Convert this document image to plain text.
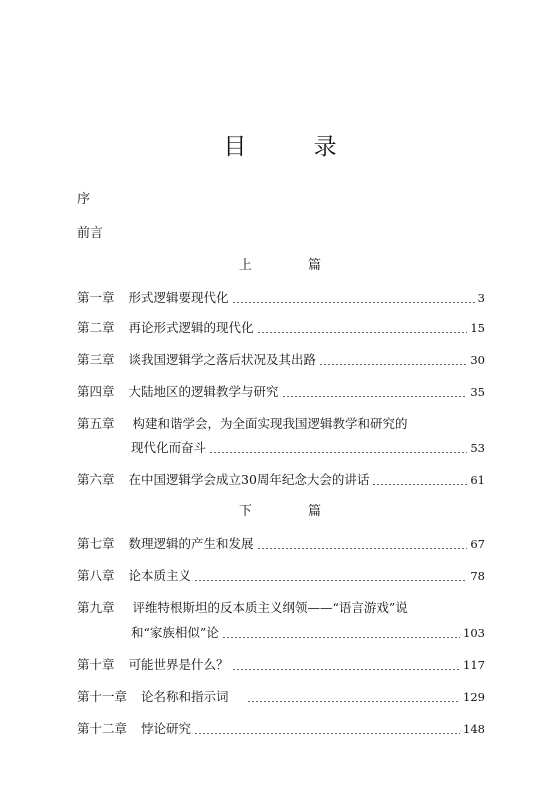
目 录
序
前言
上 篇
第一章 形式逻辑要现代化	3
第二章 再论形式逻辑的现代化	15
第三章 谈我国逻辑学之落后状况及其出路	30
第四章 大陆地区的逻辑教学与研究	35
第五章 构建和谐学会，为全面实现我国逻辑教学和研究的
现代化而奋斗	53
第六章 在中国逻辑学会成立30周年纪念大会的讲话	61
下 篇
第七章 数理逻辑的产生和发展	67
第八章 论本质主义	78
第九章 评维特根斯坦的反本质主义纲领——“语言游戏”说
和“家族相似”论	103
第十章 可能世界是什么？	117
第十一章 论名称和指示词	129
第十二章 悖论研究	148
